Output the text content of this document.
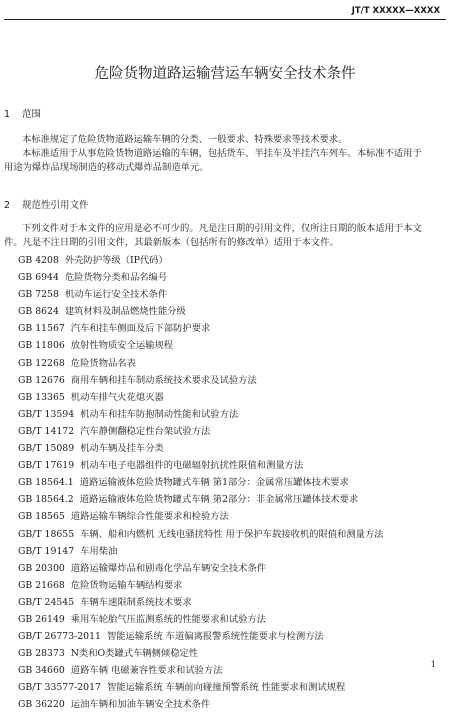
JT/T XXXXX—XXXX
危险货物道路运输营运车辆安全技术条件
1 范围

本标准规定了危险货物道路运输车辆的分类、一般要求、特殊要求等技术要求。
本标准适用于从事危险货物道路运输的车辆，包括货车、半挂车及半挂汽车列车。本标准不适用于
用途为爆炸品现场制造的移动式爆炸品制造单元。

2 规范性引用文件

下列文件对于本文件的应用是必不可少的。凡是注日期的引用文件，仅所注日期的版本适用于本文
件。凡是不注日期的引用文件，其最新版本（包括所有的修改单）适用于本文件。

GB 4208 外壳防护等级（IP代码）
GB 6944 危险货物分类和品名编号
GB 7258 机动车运行安全技术条件
GB 8624 建筑材料及制品燃烧性能分级
GB 11567 汽车和挂车侧面及后下部防护要求
GB 11806 放射性物质安全运输规程
GB 12268 危险货物品名表
GB 12676 商用车辆和挂车制动系统技术要求及试验方法
GB 13365 机动车排气火花熄灭器
GB/T 13594 机动车和挂车防抱制动性能和试验方法
GB/T 14172 汽车静侧翻稳定性台架试验方法
GB/T 15089 机动车辆及挂车分类
GB/T 17619 机动车电子电器组件的电磁辐射抗扰性限值和测量方法
GB 18564.1 道路运输液体危险货物罐式车辆 第1部分：金属常压罐体技术要求
GB 18564.2 道路运输液体危险货物罐式车辆 第2部分：非金属常压罐体技术要求
GB 18565 道路运输车辆综合性能要求和检验方法
GB/T 18655 车辆、船和内燃机 无线电骚扰特性 用于保护车载接收机的限值和测量方法
GB/T 19147 车用柴油
GB 20300 道路运输爆炸品和剧毒化学品车辆安全技术条件
GB 21668 危险货物运输车辆结构要求
GB/T 24545 车辆车速限制系统技术要求
GB 26149 乘用车轮胎气压监测系统的性能要求和试验方法
GB/T 26773-2011 智能运输系统 车道偏离报警系统性能要求与检测方法
GB 28373 N类和O类罐式车辆侧倾稳定性
GB 34660 道路车辆 电磁兼容性要求和试验方法
GB/T 33577-2017 智能运输系统 车辆前向碰撞预警系统 性能要求和测试规程
GB 36220 运油车辆和加油车辆安全技术条件
1
